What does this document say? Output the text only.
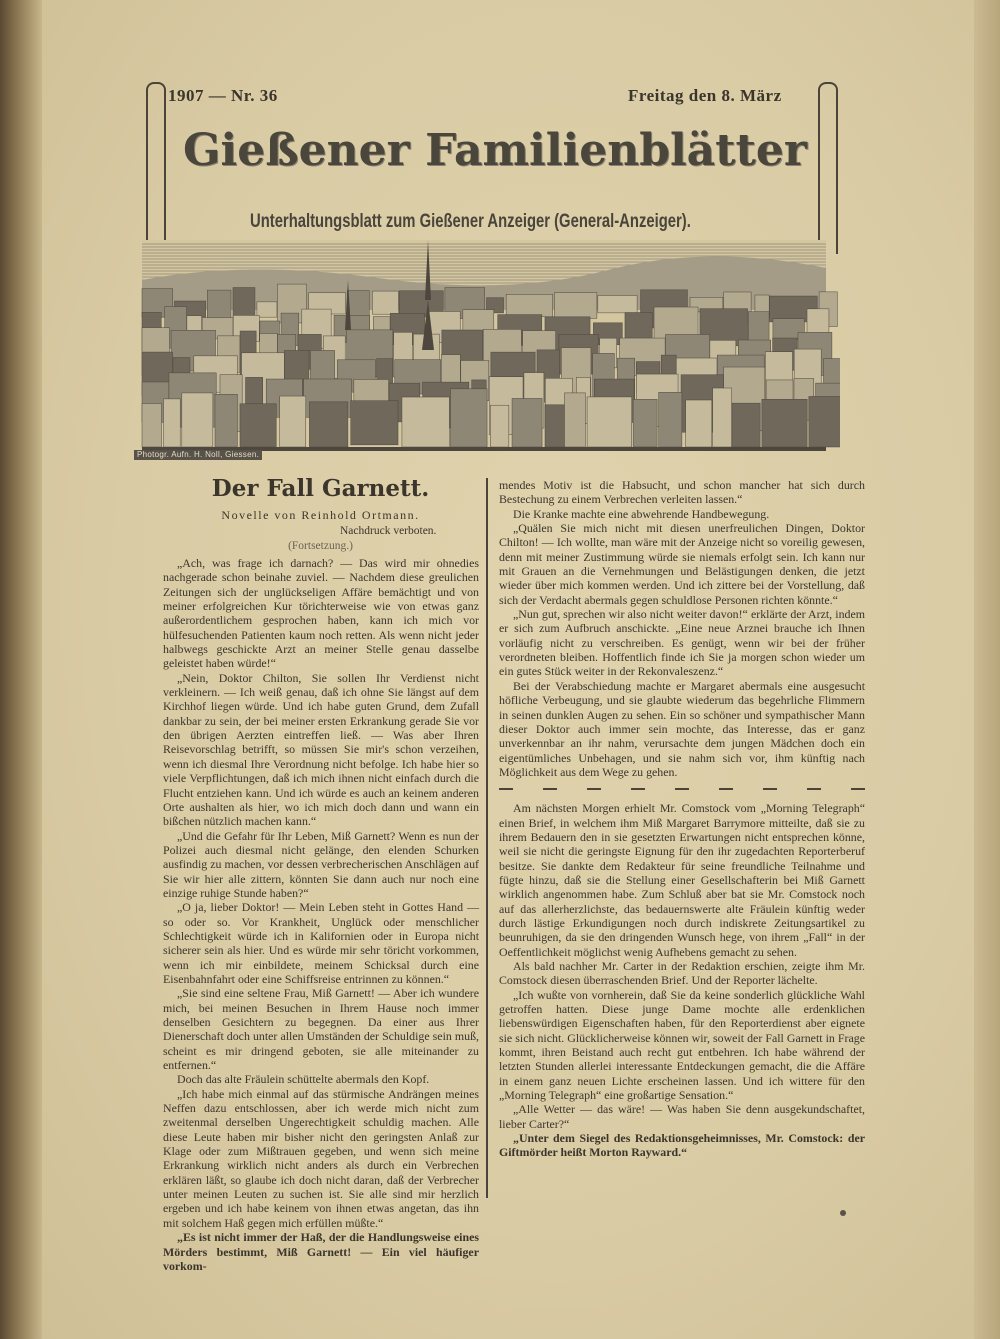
1907 — Nr. 36	Freitag den 8. März
Gießener Familienblätter
Unterhaltungsblatt zum Gießener Anzeiger (General-Anzeiger).
Photogr. Aufn. H. Noll, Giessen.
Der Fall Garnett.
Novelle von Reinhold Ortmann.
Nachdruck verboten.
(Fortsetzung.)

„Ach, was frage ich darnach? — Das wird mir ohnedies nachgerade schon beinahe zuviel. — Nachdem diese greulichen Zeitungen sich der unglückseligen Affäre bemächtigt und von meiner erfolgreichen Kur törichterweise wie von etwas ganz außerordentlichem gesprochen haben, kann ich mich vor hülfesuchenden Patienten kaum noch retten. Als wenn nicht jeder halbwegs geschickte Arzt an meiner Stelle genau dasselbe geleistet haben würde!“

„Nein, Doktor Chilton, Sie sollen Ihr Verdienst nicht verkleinern. — Ich weiß genau, daß ich ohne Sie längst auf dem Kirchhof liegen würde. Und ich habe guten Grund, dem Zufall dankbar zu sein, der bei meiner ersten Erkrankung gerade Sie vor den übrigen Aerzten eintreffen ließ. — Was aber Ihren Reisevorschlag betrifft, so müssen Sie mir's schon verzeihen, wenn ich diesmal Ihre Verordnung nicht befolge. Ich habe hier so viele Verpflichtungen, daß ich mich ihnen nicht einfach durch die Flucht entziehen kann. Und ich würde es auch an keinem anderen Orte aushalten als hier, wo ich mich doch dann und wann ein bißchen nützlich machen kann.“

„Und die Gefahr für Ihr Leben, Miß Garnett? Wenn es nun der Polizei auch diesmal nicht gelänge, den elenden Schurken ausfindig zu machen, vor dessen verbrecherischen Anschlägen auf Sie wir hier alle zittern, könnten Sie dann auch nur noch eine einzige ruhige Stunde haben?“

„O ja, lieber Doktor! — Mein Leben steht in Gottes Hand — so oder so. Vor Krankheit, Unglück oder menschlicher Schlechtigkeit würde ich in Kalifornien oder in Europa nicht sicherer sein als hier. Und es würde mir sehr töricht vorkommen, wenn ich mir einbildete, meinem Schicksal durch eine Eisenbahnfahrt oder eine Schiffsreise entrinnen zu können.“

„Sie sind eine seltene Frau, Miß Garnett! — Aber ich wundere mich, bei meinen Besuchen in Ihrem Hause noch immer denselben Gesichtern zu begegnen. Da einer aus Ihrer Dienerschaft doch unter allen Umständen der Schuldige sein muß, scheint es mir dringend geboten, sie alle miteinander zu entfernen.“

Doch das alte Fräulein schüttelte abermals den Kopf.

„Ich habe mich einmal auf das stürmische Andrängen meines Neffen dazu entschlossen, aber ich werde mich nicht zum zweitenmal derselben Ungerechtigkeit schuldig machen. Alle diese Leute haben mir bisher nicht den geringsten Anlaß zur Klage oder zum Mißtrauen gegeben, und wenn sich meine Erkrankung wirklich nicht anders als durch ein Verbrechen erklären läßt, so glaube ich doch nicht daran, daß der Verbrecher unter meinen Leuten zu suchen ist. Sie alle sind mir herzlich ergeben und ich habe keinem von ihnen etwas angetan, das ihn mit solchem Haß gegen mich erfüllen müßte.“

„Es ist nicht immer der Haß, der die Handlungsweise eines Mörders bestimmt, Miß Garnett! — Ein viel häufiger vorkom-

mendes Motiv ist die Habsucht, und schon mancher hat sich durch Bestechung zu einem Verbrechen verleiten lassen.“

Die Kranke machte eine abwehrende Handbewegung.

„Quälen Sie mich nicht mit diesen unerfreulichen Dingen, Doktor Chilton! — Ich wollte, man wäre mit der Anzeige nicht so voreilig gewesen, denn mit meiner Zustimmung würde sie niemals erfolgt sein. Ich kann nur mit Grauen an die Vernehmungen und Belästigungen denken, die jetzt wieder über mich kommen werden. Und ich zittere bei der Vorstellung, daß sich der Verdacht abermals gegen schuldlose Personen richten könnte.“

„Nun gut, sprechen wir also nicht weiter davon!“ erklärte der Arzt, indem er sich zum Aufbruch anschickte. „Eine neue Arznei brauche ich Ihnen vorläufig nicht zu verschreiben. Es genügt, wenn wir bei der früher verordneten bleiben. Hoffentlich finde ich Sie ja morgen schon wieder um ein gutes Stück weiter in der Rekonvaleszenz.“

Bei der Verabschiedung machte er Margaret abermals eine ausgesucht höfliche Verbeugung, und sie glaubte wiederum das begehrliche Flimmern in seinen dunklen Augen zu sehen. Ein so schöner und sympathischer Mann dieser Doktor auch immer sein mochte, das Interesse, das er ganz unverkennbar an ihr nahm, verursachte dem jungen Mädchen doch ein eigentümliches Unbehagen, und sie nahm sich vor, ihm künftig nach Möglichkeit aus dem Wege zu gehen.

Am nächsten Morgen erhielt Mr. Comstock vom „Morning Telegraph“ einen Brief, in welchem ihm Miß Margaret Barrymore mitteilte, daß sie zu ihrem Bedauern den in sie gesetzten Erwartungen nicht entsprechen könne, weil sie nicht die geringste Eignung für den ihr zugedachten Reporterberuf besitze. Sie dankte dem Redakteur für seine freundliche Teilnahme und fügte hinzu, daß sie die Stellung einer Gesellschafterin bei Miß Garnett wirklich angenommen habe. Zum Schluß aber bat sie Mr. Comstock noch auf das allerherzlichste, das bedauernswerte alte Fräulein künftig weder durch lästige Erkundigungen noch durch indiskrete Zeitungsartikel zu beunruhigen, da sie den dringenden Wunsch hege, von ihrem „Fall“ in der Oeffentlichkeit möglichst wenig Aufhebens gemacht zu sehen.

Als bald nachher Mr. Carter in der Redaktion erschien, zeigte ihm Mr. Comstock diesen überraschenden Brief. Und der Reporter lächelte.

„Ich wußte von vornherein, daß Sie da keine sonderlich glückliche Wahl getroffen hatten. Diese junge Dame mochte alle erdenklichen liebenswürdigen Eigenschaften haben, für den Reporterdienst aber eignete sie sich nicht. Glücklicherweise können wir, soweit der Fall Garnett in Frage kommt, ihren Beistand auch recht gut entbehren. Ich habe während der letzten Stunden allerlei interessante Entdeckungen gemacht, die die Affäre in einem ganz neuen Lichte erscheinen lassen. Und ich wittere für den „Morning Telegraph“ eine großartige Sensation.“

„Alle Wetter — das wäre! — Was haben Sie denn ausgekundschaftet, lieber Carter?“

„Unter dem Siegel des Redaktionsgeheimnisses, Mr. Comstock: der Giftmörder heißt Morton Rayward.“
